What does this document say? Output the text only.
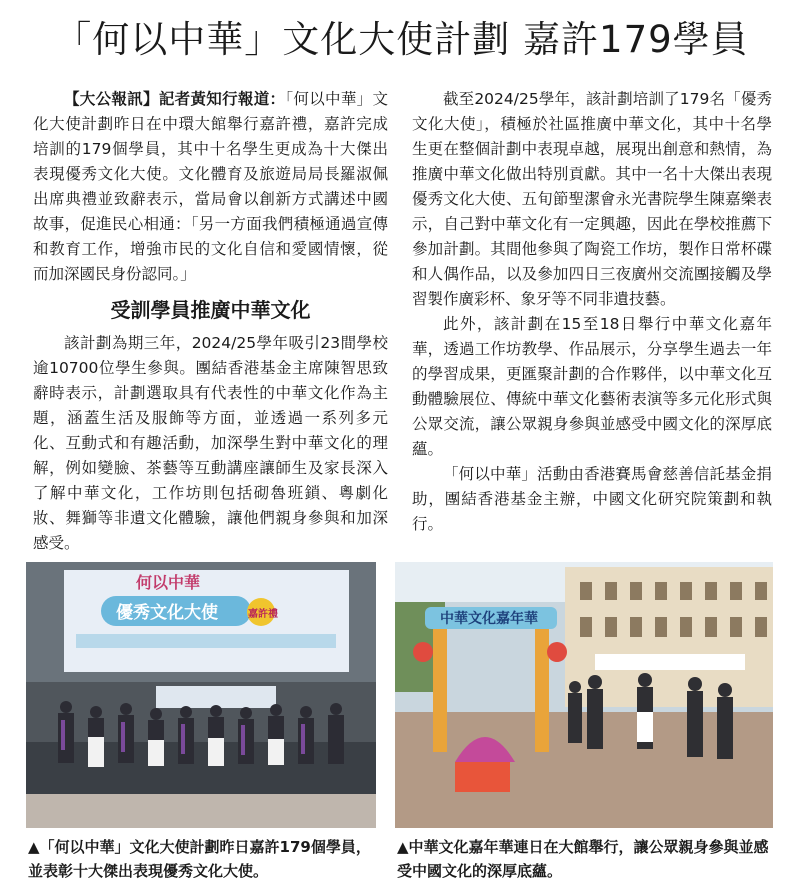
「何以中華」文化大使計劃 嘉許179學員

【大公報訊】記者黃知行報道：「何以中華」文化大使計劃昨日在中環大館舉行嘉許禮，嘉許完成培訓的179個學員，其中十名學生更成為十大傑出表現優秀文化大使。文化體育及旅遊局局長羅淑佩出席典禮並致辭表示，當局會以創新方式講述中國故事，促進民心相通：「另一方面我們積極通過宣傳和教育工作，增強市民的文化自信和愛國情懷，從而加深國民身份認同。」

受訓學員推廣中華文化

該計劃為期三年，2024/25學年吸引23間學校逾10700位學生參與。團結香港基金主席陳智思致辭時表示，計劃選取具有代表性的中華文化作為主題，涵蓋生活及服飾等方面，並透過一系列多元化、互動式和有趣活動，加深學生對中華文化的理解，例如變臉、茶藝等互動講座讓師生及家長深入了解中華文化，工作坊則包括砌魯班鎖、粵劇化妝、舞獅等非遺文化體驗，讓他們親身參與和加深感受。

截至2024/25學年，該計劃培訓了179名「優秀文化大使」，積極於社區推廣中華文化，其中十名學生更在整個計劃中表現卓越，展現出創意和熱情，為推廣中華文化做出特別貢獻。其中一名十大傑出表現優秀文化大使、五旬節聖潔會永光書院學生陳嘉樂表示，自己對中華文化有一定興趣，因此在學校推薦下參加計劃。其間他參與了陶瓷工作坊，製作日常杯碟和人偶作品，以及參加四日三夜廣州交流團接觸及學習製作廣彩杯、象牙等不同非遺技藝。

此外，該計劃在15至18日舉行中華文化嘉年華，透過工作坊教學、作品展示，分享學生過去一年的學習成果，更匯聚計劃的合作夥伴，以中華文化互動體驗展位、傳統中華文化藝術表演等多元化形式與公眾交流，讓公眾親身參與並感受中國文化的深厚底蘊。

「何以中華」活動由香港賽馬會慈善信託基金捐助，團結香港基金主辦，中國文化研究院策劃和執行。

何以中華
優秀文化大使	嘉許禮	中華文化嘉年華
▲「何以中華」文化大使計劃昨日嘉許179個學員，並表彰十大傑出表現優秀文化大使。
▲中華文化嘉年華連日在大館舉行，讓公眾親身參與並感受中國文化的深厚底蘊。
